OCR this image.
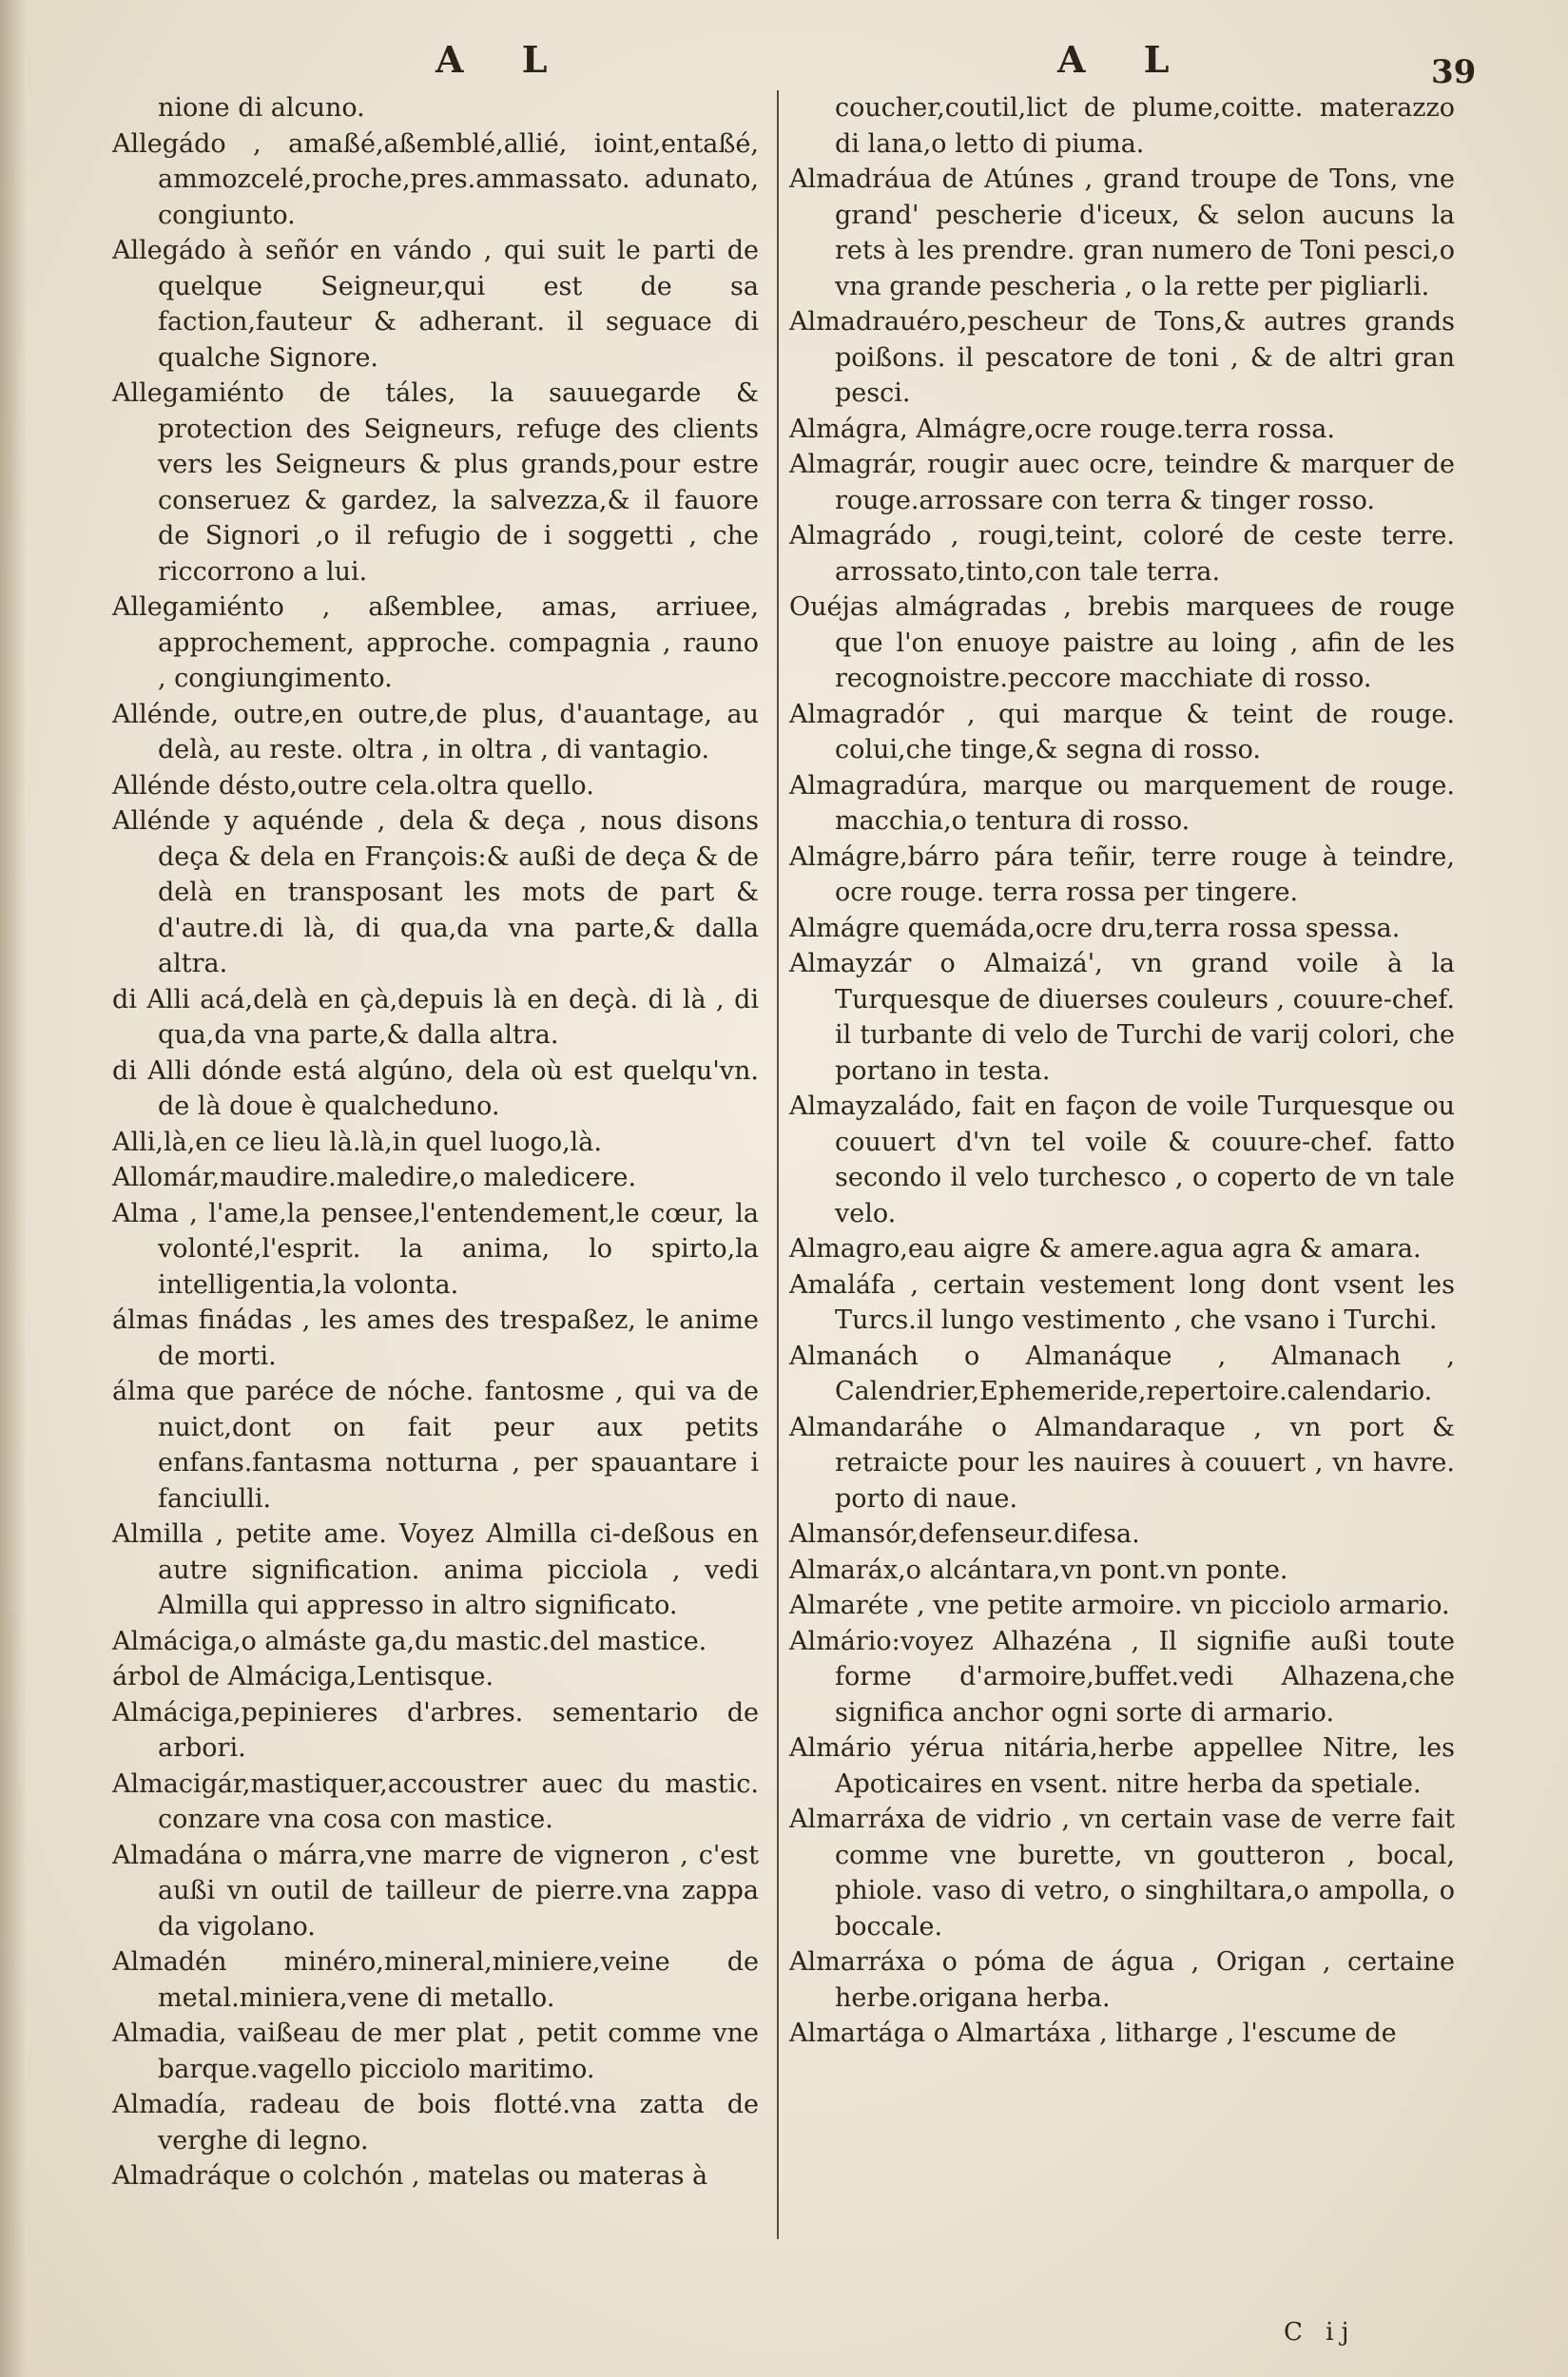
A L	A L	39

nione di alcuno.

Allegádo , amaßé,aßemblé,allié, ioint,entaßé, ammozcelé,proche,pres.ammassato. adunato, congiunto.

Allegádo à señór en vándo , qui suit le parti de quelque Seigneur,qui est de sa faction,fauteur & adherant. il seguace di qualche Signore.

Allegamiénto de táles, la sauuegarde & protection des Seigneurs, refuge des clients vers les Seigneurs & plus grands,pour estre conseruez & gardez, la salvezza,& il fauore de Signori ,o il refugio de i soggetti , che riccorrono a lui.

Allegamiénto , aßemblee, amas, arriuee, approchement, approche. compagnia , rauno , congiungimento.

Allénde, outre,en outre,de plus, d'auantage, au delà, au reste. oltra , in oltra , di vantagio.

Allénde désto,outre cela.oltra quello.

Allénde y aquénde , dela & deça , nous disons deça & dela en François:& außi de deça & de delà en transposant les mots de part & d'autre.di là, di qua,da vna parte,& dalla altra.

di Alli acá,delà en çà,depuis là en deçà. di là , di qua,da vna parte,& dalla altra.

di Alli dónde está algúno, dela où est quelqu'vn. de là doue è qualcheduno.

Alli,là,en ce lieu là.là,in quel luogo,là.

Allomár,maudire.maledire,o maledicere.

Alma , l'ame,la pensee,l'entendement,le cœur, la volonté,l'esprit. la anima, lo spirto,la intelligentia,la volonta.

álmas finádas , les ames des trespaßez, le anime de morti.

álma que paréce de nóche. fantosme , qui va de nuict,dont on fait peur aux petits enfans.fantasma notturna , per spauantare i fanciulli.

Almilla , petite ame. Voyez Almilla ci-deßous en autre signification. anima picciola , vedi Almilla qui appresso in altro significato.

Almáciga,o almáste ga,du mastic.del mastice.

árbol de Almáciga,Lentisque.

Almáciga,pepinieres d'arbres. sementario de arbori.

Almacigár,mastiquer,accoustrer auec du mastic. conzare vna cosa con mastice.

Almadána o márra,vne marre de vigneron , c'est außi vn outil de tailleur de pierre.vna zappa da vigolano.

Almadén minéro,mineral,miniere,veine de metal.miniera,vene di metallo.

Almadia, vaißeau de mer plat , petit comme vne barque.vagello picciolo maritimo.

Almadía, radeau de bois flotté.vna zatta de verghe di legno.

Almadráque o colchón , matelas ou materas à

coucher,coutil,lict de plume,coitte. materazzo di lana,o letto di piuma.

Almadráua de Atúnes , grand troupe de Tons, vne grand' pescherie d'iceux, & selon aucuns la rets à les prendre. gran numero de Toni pesci,o vna grande pescheria , o la rette per pigliarli.

Almadrauéro,pescheur de Tons,& autres grands poißons. il pescatore de toni , & de altri gran pesci.

Almágra, Almágre,ocre rouge.terra rossa.

Almagrár, rougir auec ocre, teindre & marquer de rouge.arrossare con terra & tinger rosso.

Almagrádo , rougi,teint, coloré de ceste terre. arrossato,tinto,con tale terra.

Ouéjas almágradas , brebis marquees de rouge que l'on enuoye paistre au loing , afin de les recognoistre.peccore macchiate di rosso.

Almagradór , qui marque & teint de rouge. colui,che tinge,& segna di rosso.

Almagradúra, marque ou marquement de rouge. macchia,o tentura di rosso.

Almágre,bárro pára teñir, terre rouge à teindre, ocre rouge. terra rossa per tingere.

Almágre quemáda,ocre dru,terra rossa spessa.

Almayzár o Almaizá', vn grand voile à la Turquesque de diuerses couleurs , couure-chef. il turbante di velo de Turchi de varij colori, che portano in testa.

Almayzaládo, fait en façon de voile Turquesque ou couuert d'vn tel voile & couure-chef. fatto secondo il velo turchesco , o coperto de vn tale velo.

Almagro,eau aigre & amere.agua agra & amara.

Amaláfa , certain vestement long dont vsent les Turcs.il lungo vestimento , che vsano i Turchi.

Almanách o Almanáque , Almanach , Calendrier,Ephemeride,repertoire.calendario.

Almandaráhe o Almandaraque , vn port & retraicte pour les nauires à couuert , vn havre. porto di naue.

Almansór,defenseur.difesa.

Almaráx,o alcántara,vn pont.vn ponte.

Almaréte , vne petite armoire. vn picciolo armario.

Almário:voyez Alhazéna , Il signifie außi toute forme d'armoire,buffet.vedi Alhazena,che significa anchor ogni sorte di armario.

Almário yérua nitária,herbe appellee Nitre, les Apoticaires en vsent. nitre herba da spetiale.

Almarráxa de vidrio , vn certain vase de verre fait comme vne burette, vn goutteron , bocal, phiole. vaso di vetro, o singhiltara,o ampolla, o boccale.

Almarráxa o póma de água , Origan , certaine herbe.origana herba.

Almartága o Almartáxa , litharge , l'escume de

C ij
